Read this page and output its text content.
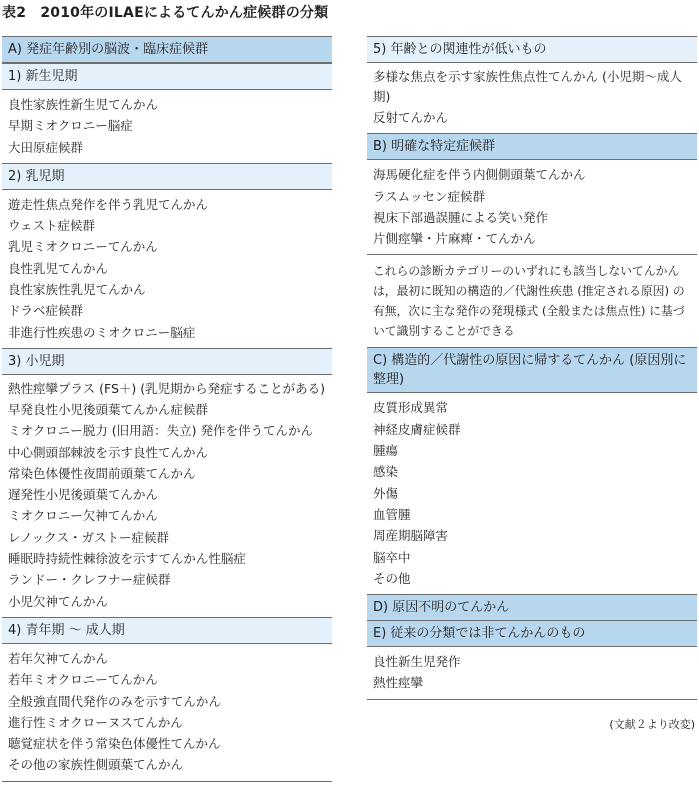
表2　2010年のILAEによるてんかん症候群の分類
A) 発症年齢別の脳波・臨床症候群
1) 新生児期
良性家族性新生児てんかん
早期ミオクロニー脳症
大田原症候群
2) 乳児期
遊走性焦点発作を伴う乳児てんかん
ウェスト症候群
乳児ミオクロニーてんかん
良性乳児てんかん
良性家族性乳児てんかん
ドラベ症候群
非進行性疾患のミオクロニー脳症
3) 小児期
熱性痙攣プラス (FS＋) (乳児期から発症することがある)
早発良性小児後頭葉てんかん症候群
ミオクロニー脱力 (旧用語：失立) 発作を伴うてんかん
中心側頭部棘波を示す良性てんかん
常染色体優性夜間前頭葉てんかん
遅発性小児後頭葉てんかん
ミオクロニー欠神てんかん
レノックス・ガストー症候群
睡眠時持続性棘徐波を示すてんかん性脳症
ランドー・クレフナー症候群
小児欠神てんかん
4) 青年期 〜 成人期
若年欠神てんかん
若年ミオクロニーてんかん
全般強直間代発作のみを示すてんかん
進行性ミオクローヌスてんかん
聴覚症状を伴う常染色体優性てんかん
その他の家族性側頭葉てんかん
5) 年齢との関連性が低いもの
多様な焦点を示す家族性焦点性てんかん (小児期〜成人期)
反射てんかん
B) 明確な特定症候群
海馬硬化症を伴う内側側頭葉てんかん
ラスムッセン症候群
視床下部過誤腫による笑い発作
片側痙攣・片麻痺・てんかん
これらの診断カテゴリーのいずれにも該当しないてんかんは，最初に既知の構造的／代謝性疾患 (推定される原因) の有無，次に主な発作の発現様式 (全般または焦点性) に基づいて識別することができる
C) 構造的／代謝性の原因に帰するてんかん (原因別に整理)
皮質形成異常
神経皮膚症候群
腫瘍
感染
外傷
血管腫
周産期脳障害
脳卒中
その他
D) 原因不明のてんかん
E) 従来の分類では非てんかんのもの
良性新生児発作
熱性痙攣
(文献２より改変)
